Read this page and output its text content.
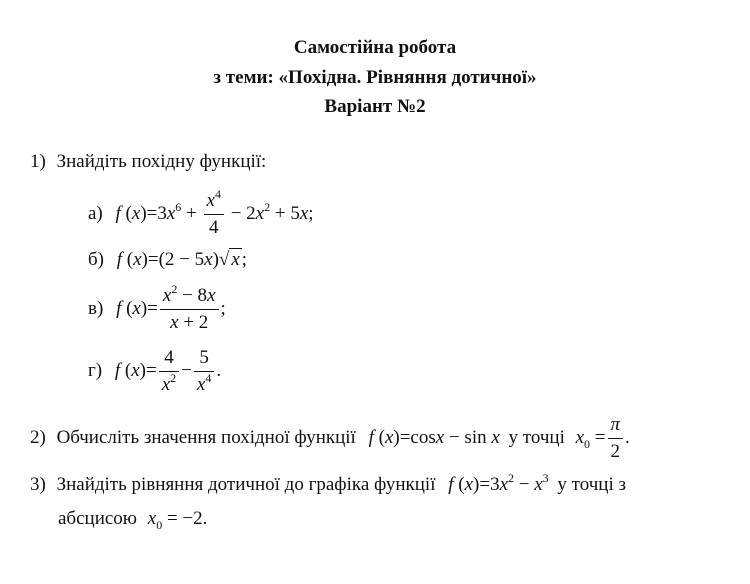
Самостійна робота
з теми: «Похідна. Рівняння дотичної»
Варіант №2
1) Знайдіть похідну функції:
а) f $(x)=3x^6 + \frac{x^4}{4} - 2x^2 + 5x$;
б) f (x)=(2 − 5x)√ x ;
в) f $(x)= \frac{x^2 - 8x}{x + 2}$ ;
г) f $(x)= \frac{4}{x^2} - \frac{5}{x^4}$ .
2) Обчисліть значення похідної функції f (x)=cosx − sin x у точці $x_0 = \frac{\pi}{2}$ .
3) Знайдіть рівняння дотичної до графіка функції f $(x)=3x^2 - x^3$ у точці з
абсцисою $x_0 = -2$.
